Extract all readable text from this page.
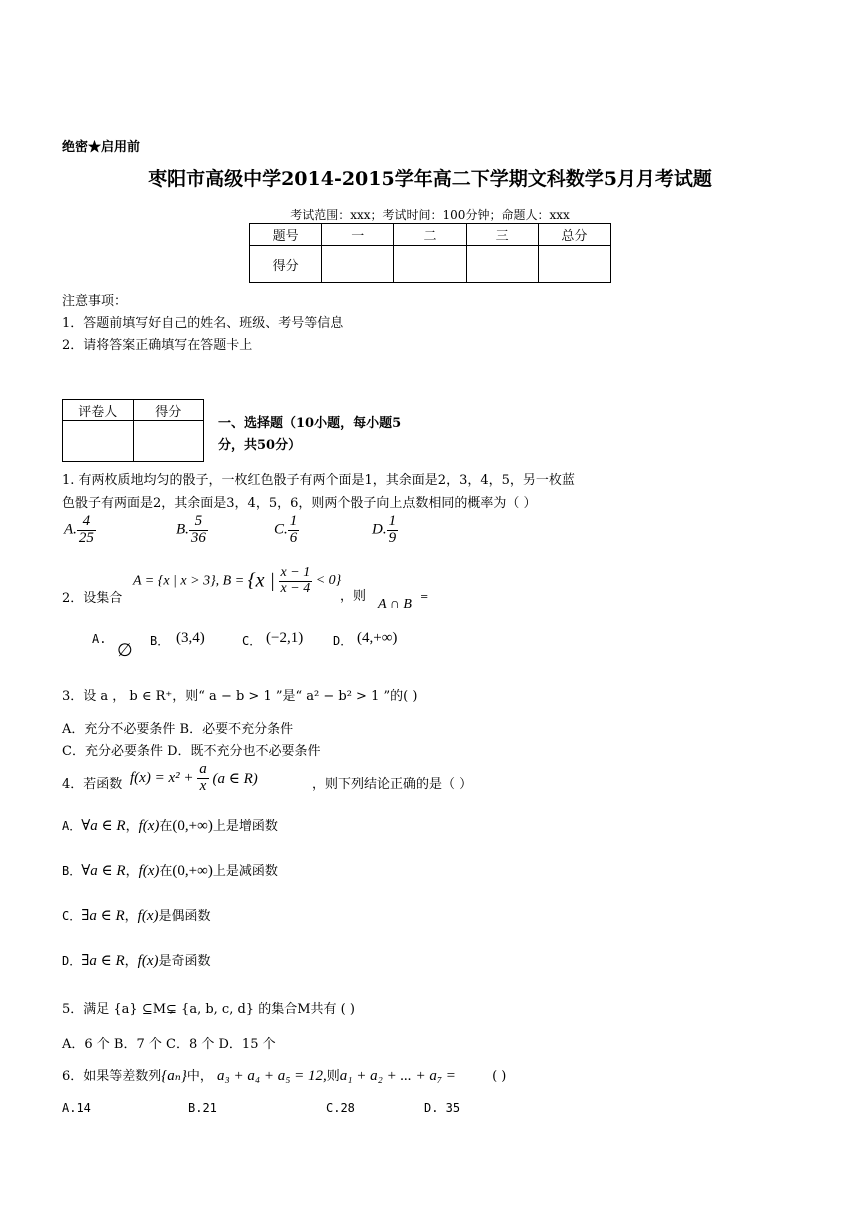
绝密★启用前
枣阳市高级中学2014-2015学年高二下学期文科数学5月月考试题
考试范围：xxx；考试时间：100分钟；命题人：xxx
题号	一	二	三	总分
得分				
注意事项：
1．答题前填写好自己的姓名、班级、考号等信息
2．请将答案正确填写在答题卡上
评卷人	得分

一、选择题（10小题，每小题5
分，共50分）
1. 有两枚质地均匀的骰子，一枚红色骰子有两个面是1，其余面是2，3，4，5，另一枚蓝
色骰子有两面是2，其余面是3，4，5，6，则两个骰子向上点数相同的概率为（ ）
A. $\frac{4}{25}$	B. $\frac{5}{36}$	C. $\frac{1}{6}$	D. $\frac{1}{9}$
2．设集合
A = {x | x > 3}, B = {x | $\frac{x - 1}{x - 4} < 0$}
，则
A ∩ B =
A.
∅ B． (3,4)	C． (−2,1) D． (4,+∞)
3．设 a ， b ∈ R⁺，则“ a − b > 1 ”是“ a² − b² > 1 ”的( )
A．充分不必要条件 B．必要不充分条件
C．充分必要条件 D．既不充分也不必要条件
4．若函数 $f(x) = x^2 + \frac{a}{x} (a$ ∈ R)	，则下列结论正确的是（ ）
A．∀a ∈ R，f(x)在(0,+∞)上是增函数
B．∀a ∈ R，f(x)在(0,+∞)上是减函数
C．∃a ∈ R，f(x)是偶函数
D．∃a ∈ R，f(x)是奇函数
5．满足 {a} ⊆M⊊ {a, b, c, d} 的集合M共有 ( )
A．6 个 B．7 个 C．8 个 D．15 个
6．如果等差数列{aₙ}中， a₃ + a₄ + a₅ = 12,则a₁ + a₂ + ... + a₇ =	( )
A.14	B.21	C.28	D. 35
